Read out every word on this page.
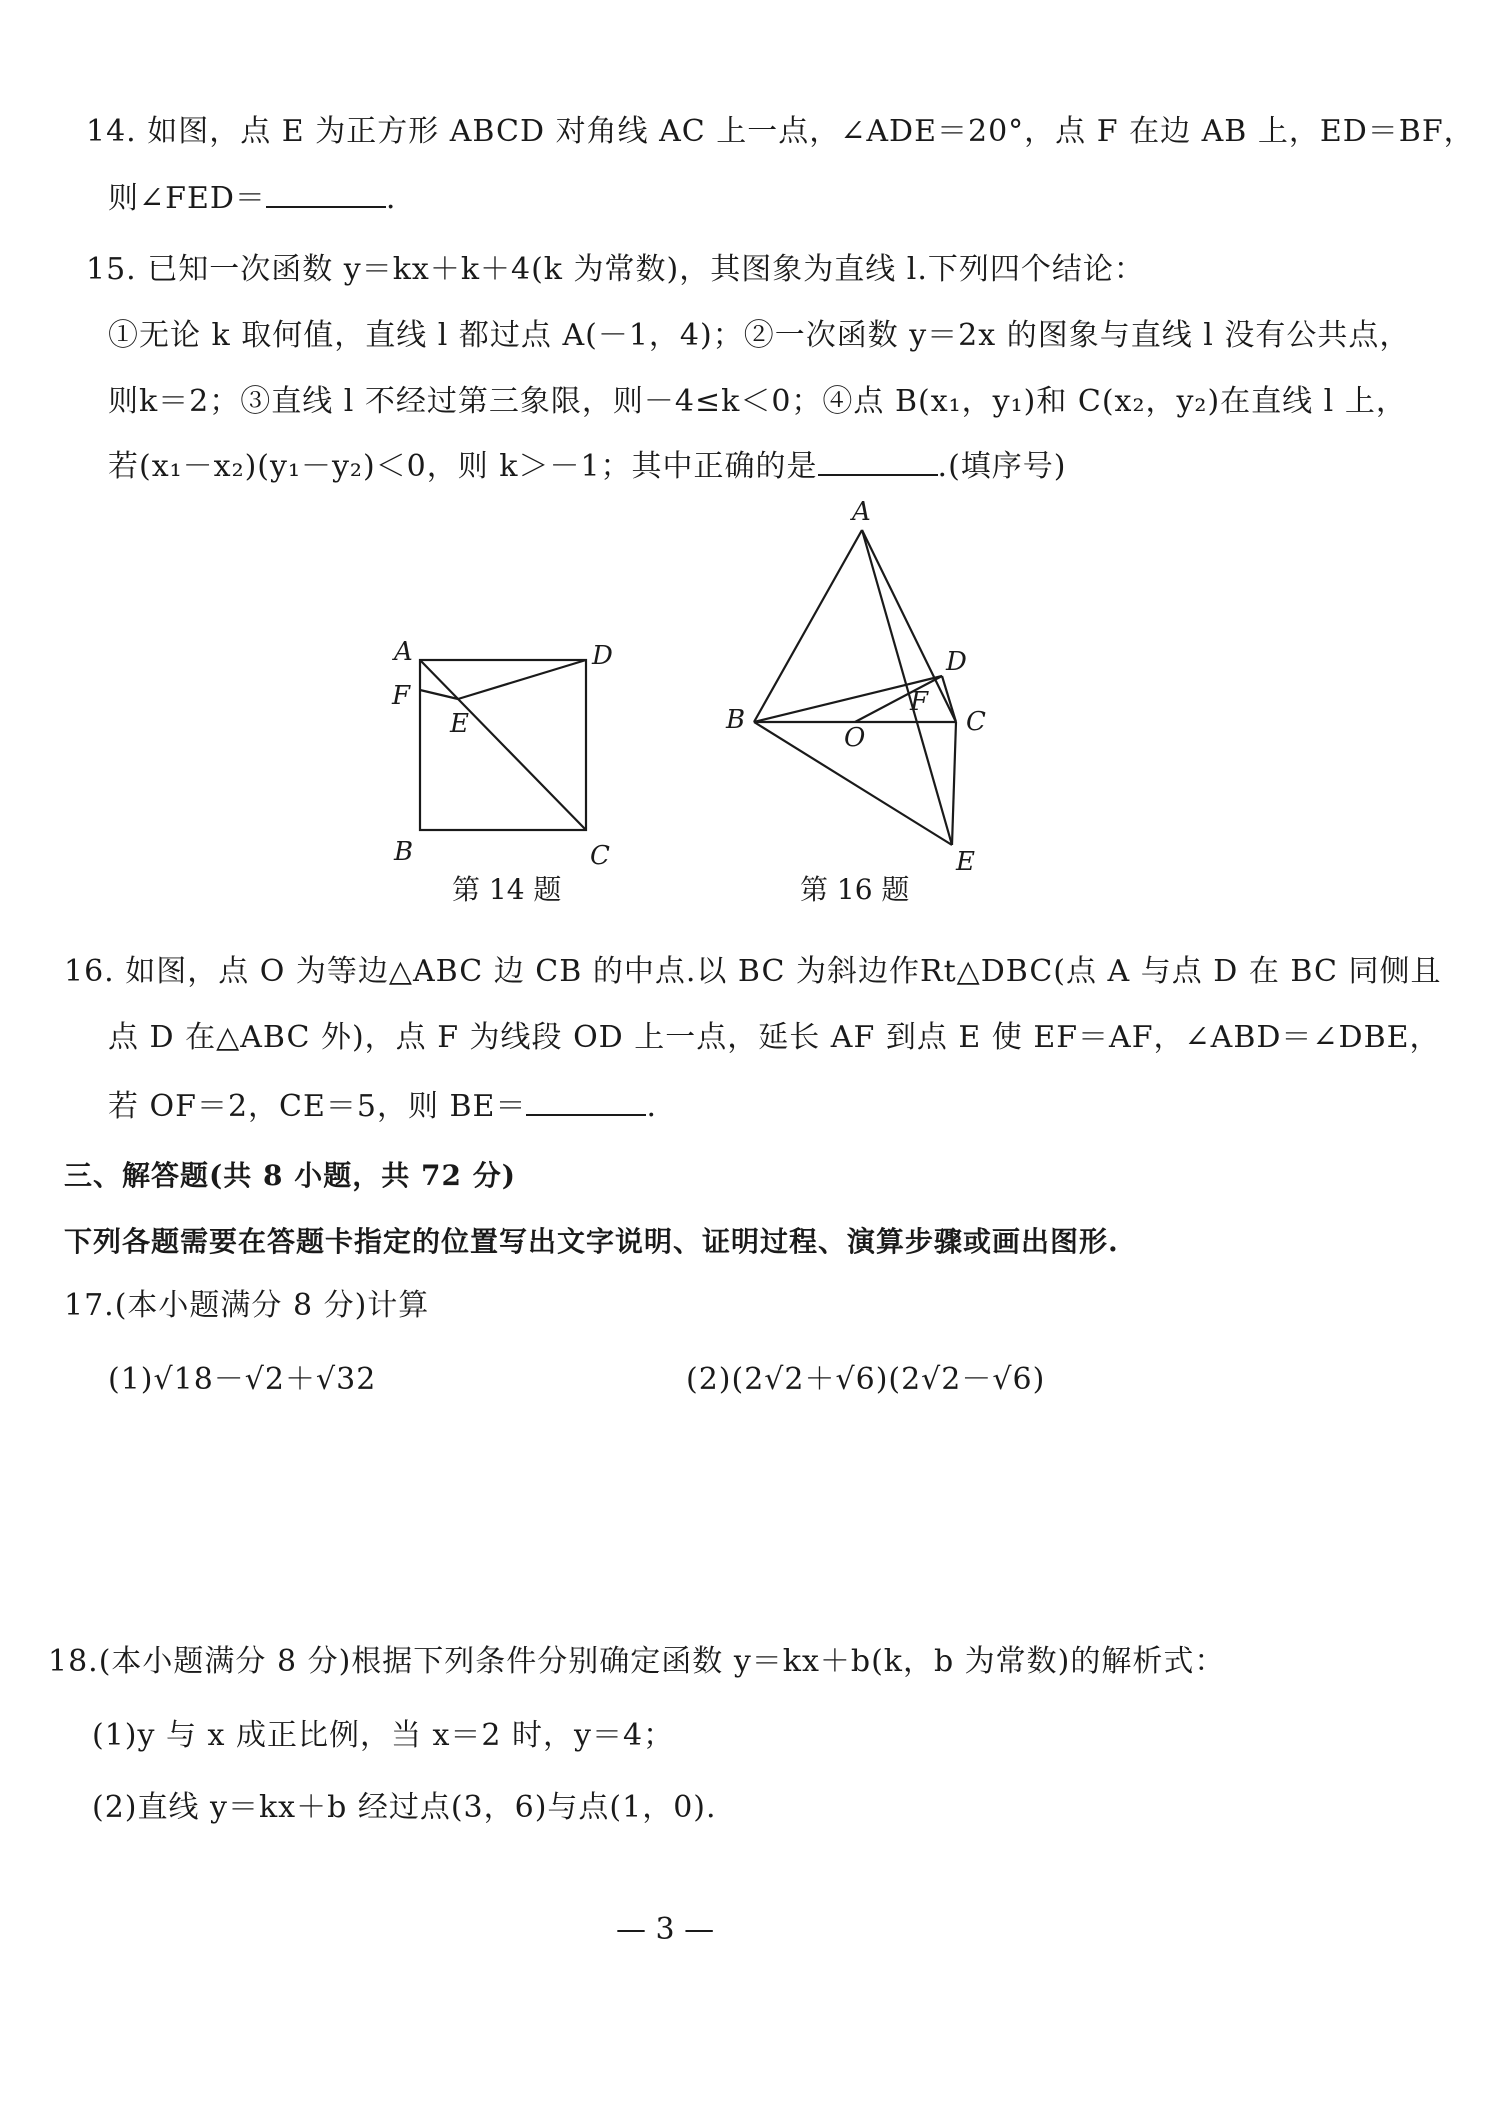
14. 如图，点 E 为正方形 ABCD 对角线 AC 上一点，∠ADE＝20°，点 F 在边 AB 上，ED＝BF，
则∠FED＝	.
15. 已知一次函数 y＝kx＋k＋4(k 为常数)，其图象为直线 l.下列四个结论：
①无论 k 取何值，直线 l 都过点 A(－1，4)；②一次函数 y＝2x 的图象与直线 l 没有公共点，
则k＝2；③直线 l 不经过第三象限，则－4≤k＜0；④点 B(x₁，y₁)和 C(x₂，y₂)在直线 l 上，
若(x₁－x₂)(y₁－y₂)＜0，则 k＞－1；其中正确的是	.(填序号)
A	D
F
E
B	C
第 14 题
A
B	C
D
F
O
E
第 16 题
16. 如图，点 O 为等边△ABC 边 CB 的中点.以 BC 为斜边作Rt△DBC(点 A 与点 D 在 BC 同侧且
点 D 在△ABC 外)，点 F 为线段 OD 上一点，延长 AF 到点 E 使 EF＝AF，∠ABD＝∠DBE，
若 OF＝2，CE＝5，则 BE＝	.
三、解答题(共 8 小题，共 72 分)
下列各题需要在答题卡指定的位置写出文字说明、证明过程、演算步骤或画出图形.
17.(本小题满分 8 分)计算
(1)√18－√2＋√32	(2)(2√2＋√6)(2√2－√6)
18.(本小题满分 8 分)根据下列条件分别确定函数 y＝kx＋b(k，b 为常数)的解析式：
(1)y 与 x 成正比例，当 x＝2 时，y＝4；
(2)直线 y＝kx＋b 经过点(3，6)与点(1，0).
— 3 —
